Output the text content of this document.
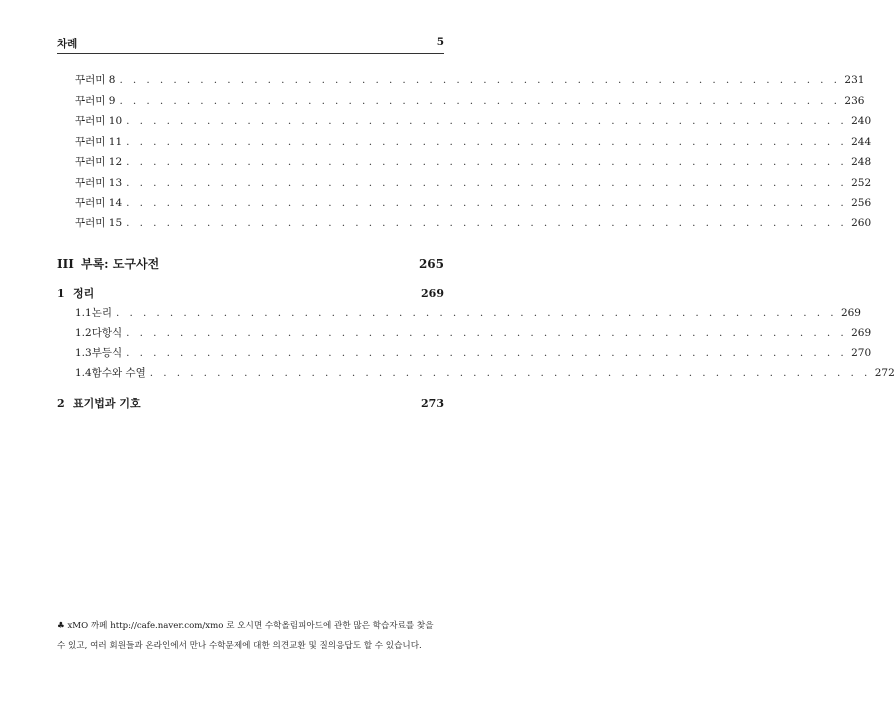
차례	5
꾸러미 8 . . . . . . . . . . . . . . . . . . . . . . . . . . . . . . . . . . . . . . . . . . . . . . . . . . . . . . 231
꾸러미 9 . . . . . . . . . . . . . . . . . . . . . . . . . . . . . . . . . . . . . . . . . . . . . . . . . . . . . . 236
꾸러미 10 . . . . . . . . . . . . . . . . . . . . . . . . . . . . . . . . . . . . . . . . . . . . . . . . . . . . . . 240
꾸러미 11 . . . . . . . . . . . . . . . . . . . . . . . . . . . . . . . . . . . . . . . . . . . . . . . . . . . . . . 244
꾸러미 12 . . . . . . . . . . . . . . . . . . . . . . . . . . . . . . . . . . . . . . . . . . . . . . . . . . . . . . 248
꾸러미 13 . . . . . . . . . . . . . . . . . . . . . . . . . . . . . . . . . . . . . . . . . . . . . . . . . . . . . . 252
꾸러미 14 . . . . . . . . . . . . . . . . . . . . . . . . . . . . . . . . . . . . . . . . . . . . . . . . . . . . . . 256
꾸러미 15 . . . . . . . . . . . . . . . . . . . . . . . . . . . . . . . . . . . . . . . . . . . . . . . . . . . . . . 260
III 부록: 도구사전	265
1 정리	269
1.1 논리 . . . . . . . . . . . . . . . . . . . . . . . . . . . . . . . . . . . . . . . . . . . . . . . . . . . . . . 269
1.2 다항식 . . . . . . . . . . . . . . . . . . . . . . . . . . . . . . . . . . . . . . . . . . . . . . . . . . . . . . 269
1.3 부등식 . . . . . . . . . . . . . . . . . . . . . . . . . . . . . . . . . . . . . . . . . . . . . . . . . . . . . . 270
1.4 함수와 수열 . . . . . . . . . . . . . . . . . . . . . . . . . . . . . . . . . . . . . . . . . . . . . . . . . . . . . . 272
2 표기법과 기호	273
♣ xMO 까페 http://cafe.naver.com/xmo 로 오시면 수학올림피아드에 관한 많은 학습자료를 찾을
수 있고, 여러 회원들과 온라인에서 만나 수학문제에 대한 의견교환 및 질의응답도 할 수 있습니다.
